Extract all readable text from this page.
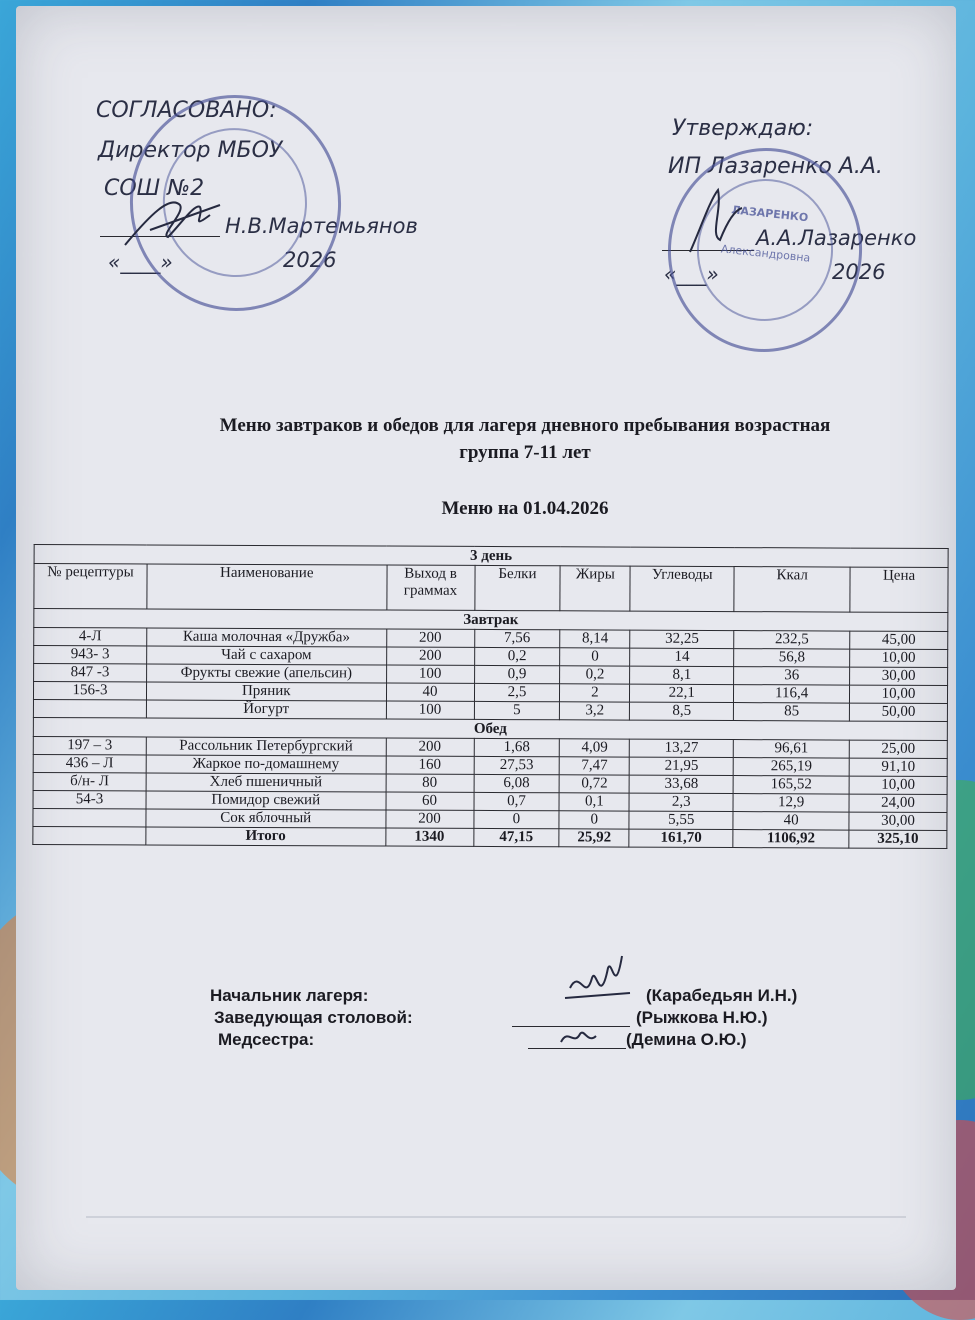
СОГЛАСОВАНО:
Директор МБОУ
СОШ №2
Н.В.Мартемьянов
«____»	2026
Утверждаю:
ИП Лазаренко А.А.
А.А.Лазаренко
«___»	2026
ЛАЗАРЕНКО
Александровна
Меню завтраков и обедов для лагеря дневного пребывания возрастная
группа 7-11 лет
Меню на 01.04.2026
3 день							
№ рецептуры	Наименование	Выход в граммах	Белки	Жиры	Углеводы	Ккал	Цена
Завтрак							
4-Л	Каша молочная «Дружба»	200	7,56	8,14	32,25	232,5	45,00
943- 3	Чай с сахаром	200	0,2	0	14	56,8	10,00
847 -3	Фрукты свежие (апельсин)	100	0,9	0,2	8,1	36	30,00
156-3	Пряник	40	2,5	2	22,1	116,4	10,00
	Йогурт	100	5	3,2	8,5	85	50,00
Обед							
197 – 3	Рассольник Петербургский	200	1,68	4,09	13,27	96,61	25,00
436 – Л	Жаркое по-домашнему	160	27,53	7,47	21,95	265,19	91,10
б/н- Л	Хлеб пшеничный	80	6,08	0,72	33,68	165,52	10,00
54-3	Помидор свежий	60	0,7	0,1	2,3	12,9	24,00
	Сок яблочный	200	0	0	5,55	40	30,00
	Итого	1340	47,15	25,92	161,70	1106,92	325,10
Начальник лагеря:	(Карабедьян И.Н.)
Заведующая столовой:	(Рыжкова Н.Ю.)
Медсестра:	(Демина О.Ю.)
